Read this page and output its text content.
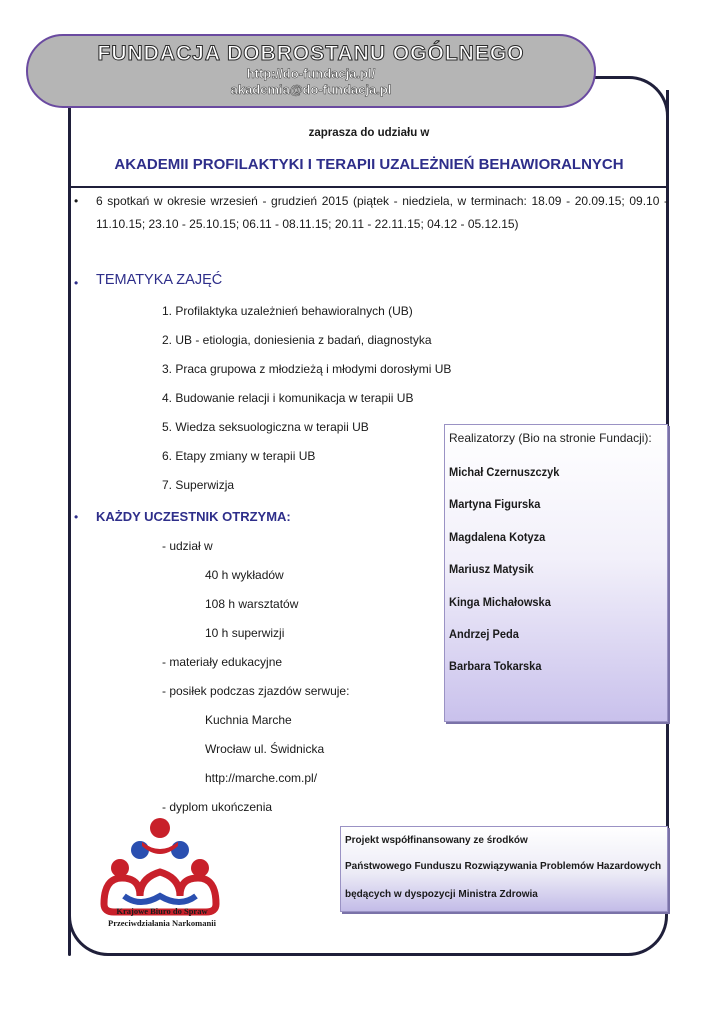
FUNDACJA DOBROSTANU OGÓLNEGO
http://do-fundacja.pl/
akademia@do-fundacja.pl
zaprasza do udziału w
AKADEMII PROFILAKTYKI I TERAPII UZALEŻNIEŃ BEHAWIORALNYCH
• 6 spotkań w okresie wrzesień - grudzień 2015 (piątek - niedziela, w terminach: 18.09 - 20.09.15; 09.10 - 11.10.15; 23.10 - 25.10.15; 06.11 - 08.11.15; 20.11 - 22.11.15; 04.12 - 05.12.15)
• TEMATYKA ZAJĘĆ
1. Profilaktyka uzależnień behawioralnych (UB)
2. UB - etiologia, doniesienia z badań, diagnostyka
3. Praca grupowa z młodzieżą i młodymi dorosłymi UB
4. Budowanie relacji i komunikacja w terapii UB
5. Wiedza seksuologiczna w terapii UB
6. Etapy zmiany w terapii UB
7. Superwizja
• KAŻDY UCZESTNIK OTRZYMA:
- udział w
40 h wykładów
108 h warsztatów
10 h superwizji
- materiały edukacyjne
- posiłek podczas zjazdów serwuje:
Kuchnia Marche
Wrocław ul. Świdnicka
http://marche.com.pl/
- dyplom ukończenia
Realizatorzy (Bio na stronie Fundacji):
Michał Czernuszczyk
Martyna Figurska
Magdalena Kotyza
Mariusz Matysik
Kinga Michałowska
Andrzej Peda
Barbara Tokarska
Projekt współfinansowany ze środków
Państwowego Funduszu Rozwiązywania Problemów Hazardowych
będących w dyspozycji Ministra Zdrowia
Krajowe Biuro do Spraw
Przeciwdziałania Narkomanii
